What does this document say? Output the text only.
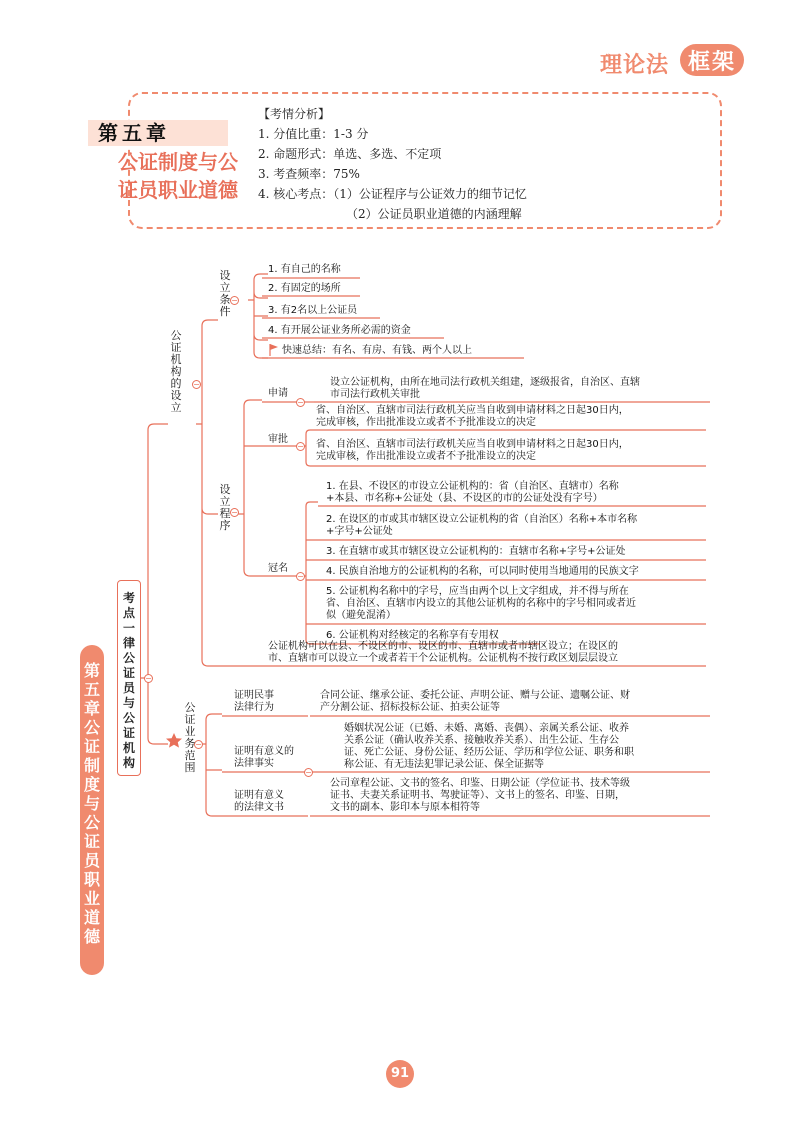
理论法 框架
第五章
公证制度与公
证员职业道德
【考情分析】
1. 分值比重：1-3 分
2. 命题形式：单选、多选、不定项
3. 考查频率：75%
4. 核心考点：（1）公证程序与公证效力的细节记忆
（2）公证员职业道德的内涵理解
第五章 公证制度与公证员职业道德
考点一 律公证员与公证机构
−
−
−
−
−
−
−
−
−
公证机构的设立
设立条件
设立程序
公证业务范围
1. 有自己的名称
2. 有固定的场所
3. 有2名以上公证员
4. 有开展公证业务所必需的资金
快速总结：有名、有房、有钱、两个人以上
申请
审批
冠名
设立公证机构，由所在地司法行政机关组建，逐级报省，自治区、直辖
市司法行政机关审批
省、自治区、直辖市司法行政机关应当自收到申请材料之日起30日内，
完成审核，作出批准设立或者不予批准设立的决定
省、自治区、直辖市司法行政机关应当自收到申请材料之日起30日内，
完成审核，作出批准设立或者不予批准设立的决定
1. 在县、不设区的市设立公证机构的：省（自治区、直辖市）名称
+本县、市名称+公证处（县、不设区的市的公证处没有字号）
2. 在设区的市或其市辖区设立公证机构的省（自治区）名称+本市名称
+字号+公证处
3. 在直辖市或其市辖区设立公证机构的：直辖市名称+字号+公证处
4. 民族自治地方的公证机构的名称，可以同时使用当地通用的民族文字
5. 公证机构名称中的字号，应当由两个以上文字组成，并不得与所在
省、自治区、直辖市内设立的其他公证机构的名称中的字号相同或者近
似（避免混淆）
6. 公证机构对经核定的名称享有专用权
公证机构可以在县、不设区的市、设区的市、直辖市或者市辖区设立；在设区的
市、直辖市可以设立一个或者若干个公证机构。公证机构不按行政区划层层设立
证明民事
法律行为
合同公证、继承公证、委托公证、声明公证、赠与公证、遗嘱公证、财
产分割公证、招标投标公证、拍卖公证等
证明有意义的
法律事实
婚姻状况公证（已婚、未婚、离婚、丧偶）、亲属关系公证、收养
关系公证（确认收养关系、接触收养关系）、出生公证、生存公
证、死亡公证、身份公证、经历公证、学历和学位公证、职务和职
称公证、有无违法犯罪记录公证、保全证据等
证明有意义
的法律文书
公司章程公证、文书的签名、印鉴、日期公证（学位证书、技术等级
证书、夫妻关系证明书、驾驶证等）、文书上的签名、印鉴、日期，
文书的副本、影印本与原本相符等
91
